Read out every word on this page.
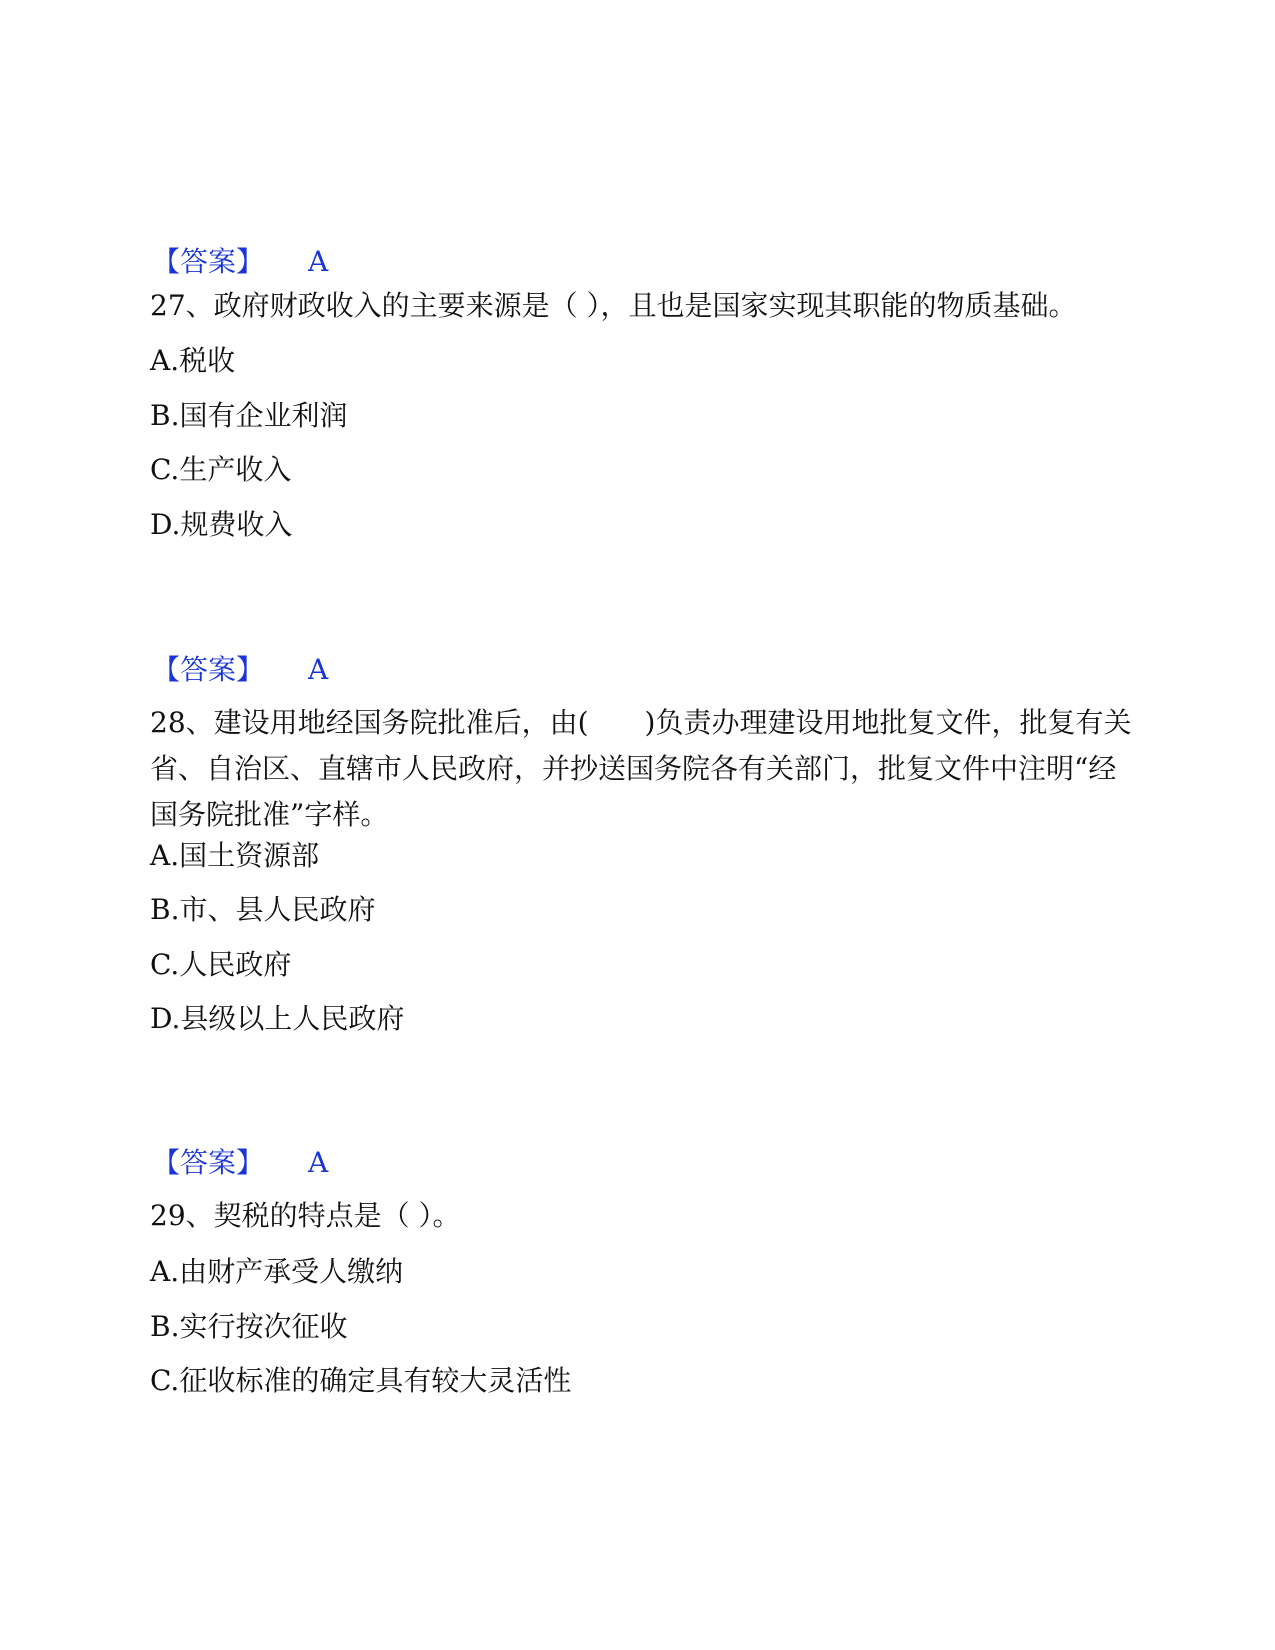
【答案】 A
27、政府财政收入的主要来源是（ ），且也是国家实现其职能的物质基础。
A.税收
B.国有企业利润
C.生产收入
D.规费收入
【答案】 A
28、建设用地经国务院批准后，由(　　)负责办理建设用地批复文件，批复有关省、自治区、直辖市人民政府，并抄送国务院各有关部门，批复文件中注明“经国务院批准”字样。
A.国土资源部
B.市、县人民政府
C.人民政府
D.县级以上人民政府
【答案】 A
29、契税的特点是（ ）。
A.由财产承受人缴纳
B.实行按次征收
C.征收标准的确定具有较大灵活性
